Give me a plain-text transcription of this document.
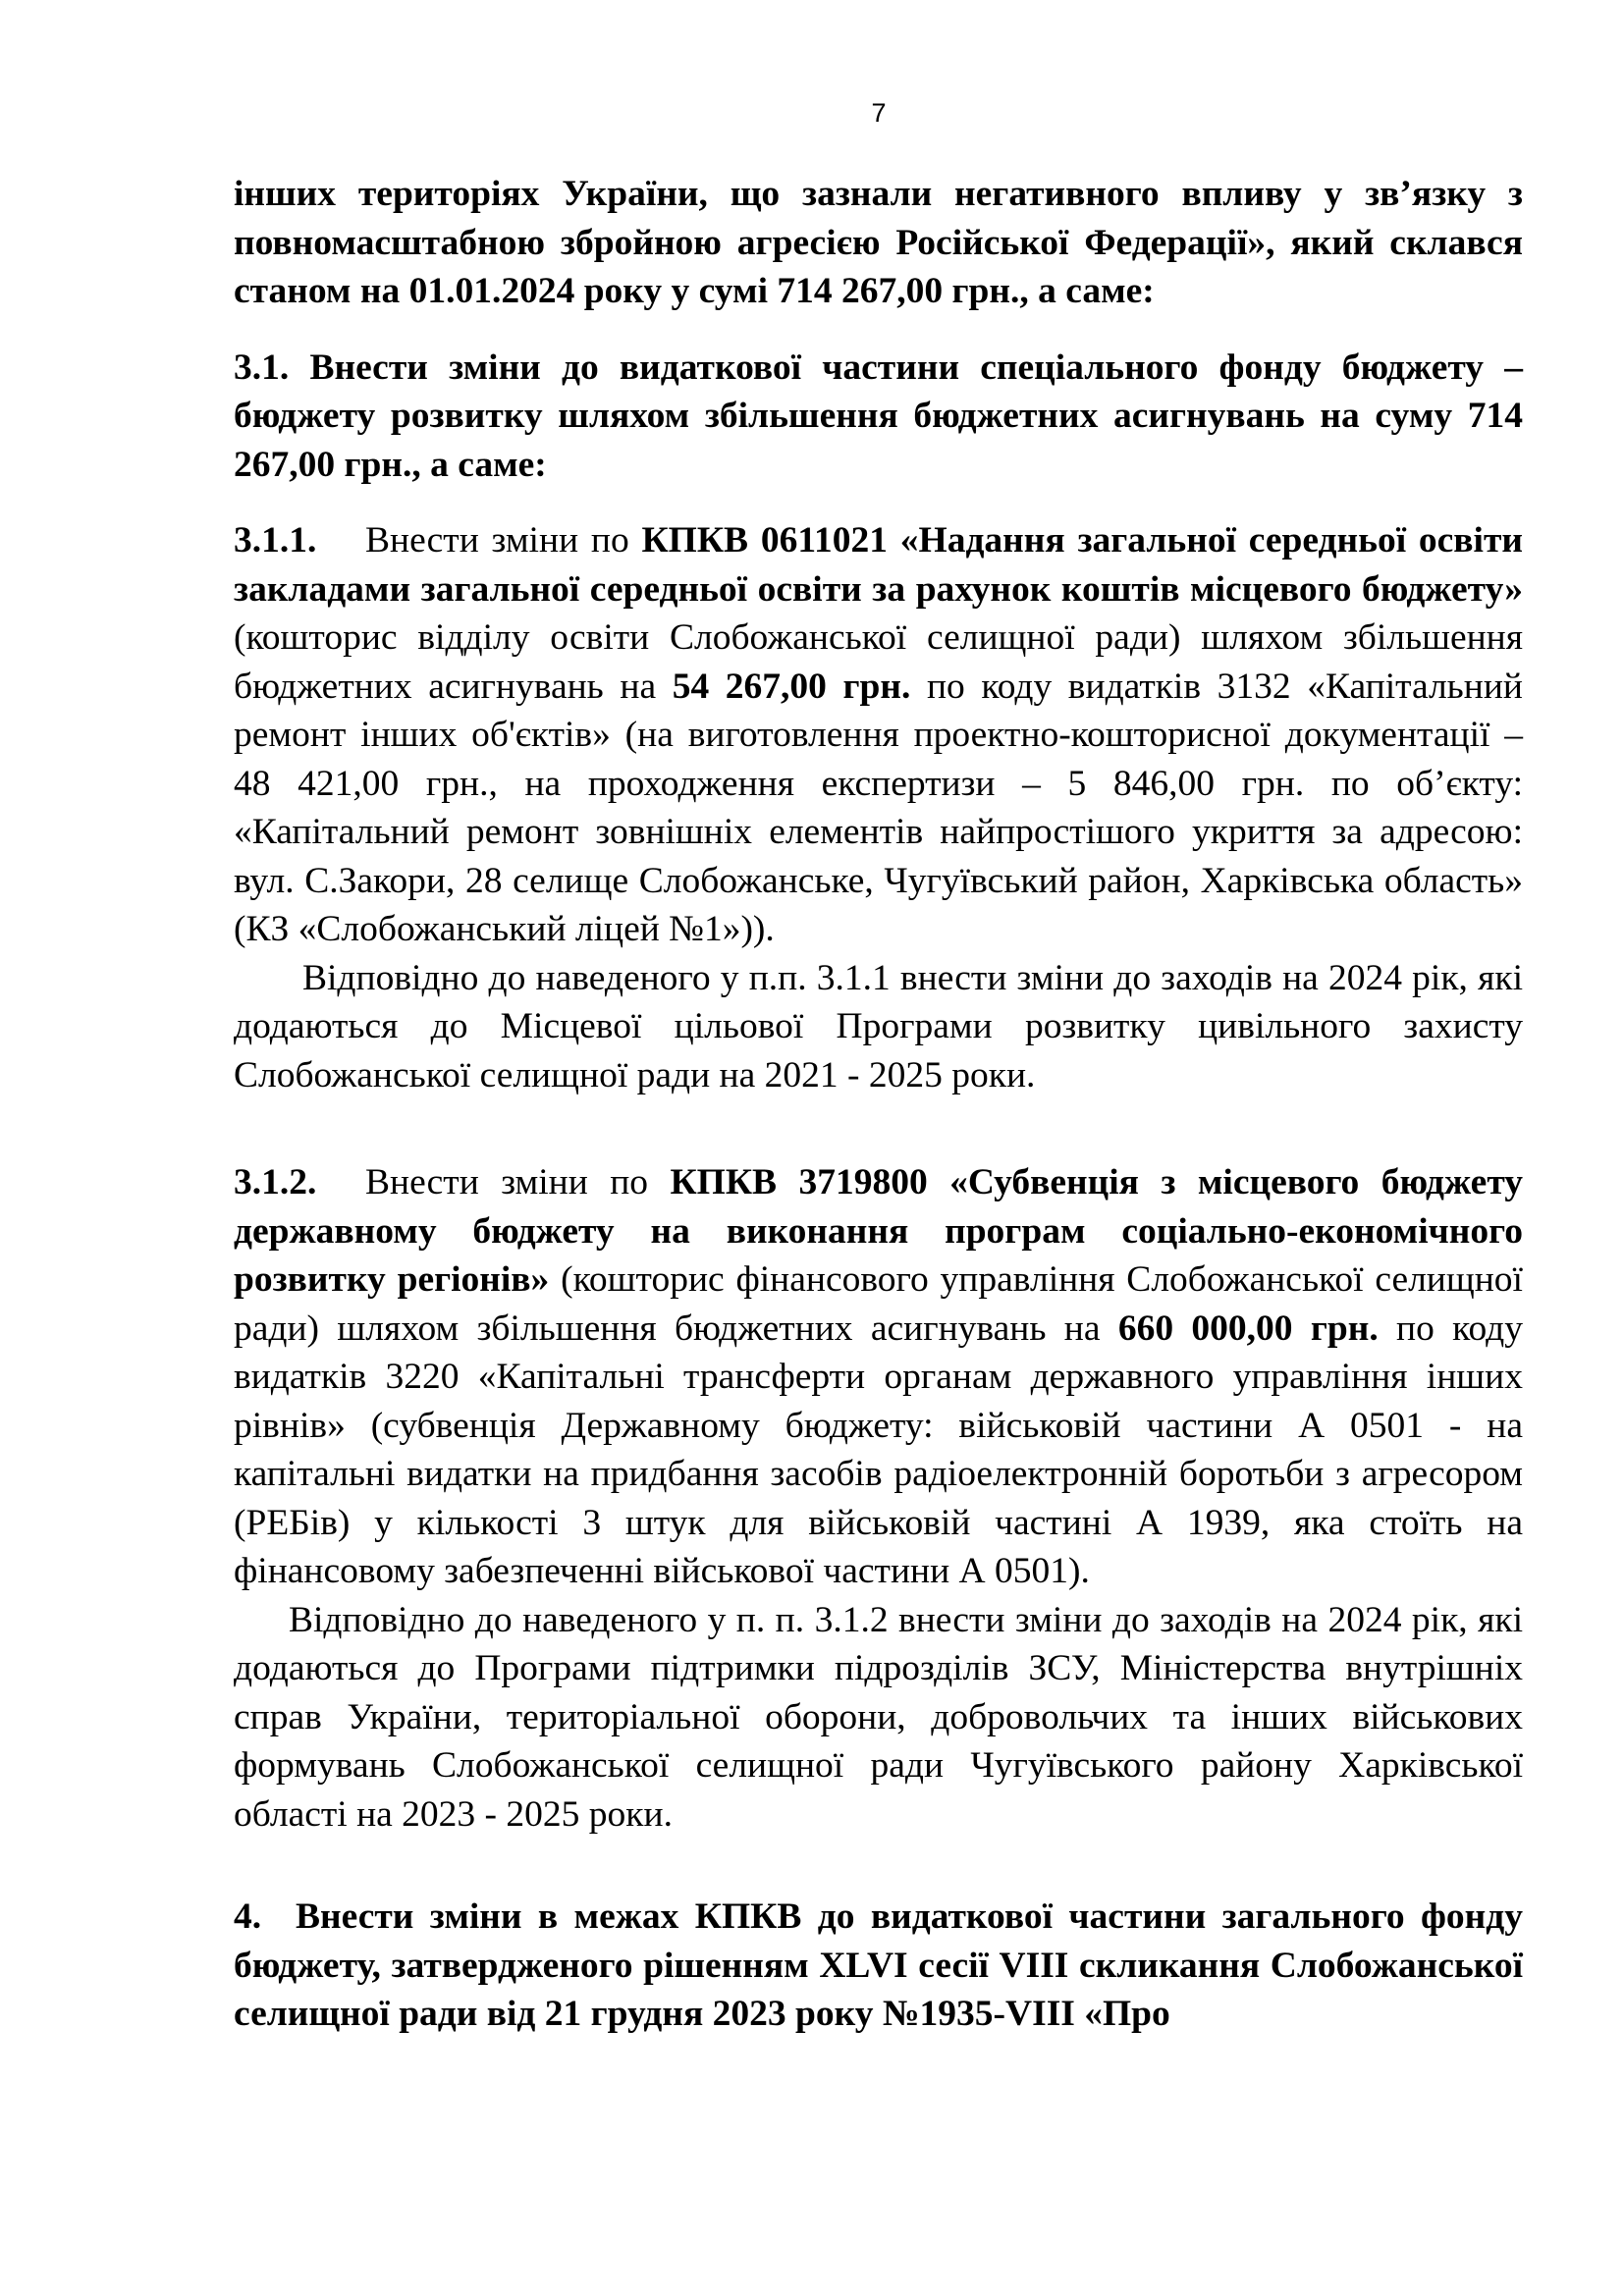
7

інших територіях України, що зазнали негативного впливу у зв’язку з повномасштабною збройною агресією Російської Федерації», який склався станом на 01.01.2024 року у сумі 714 267,00 грн., а саме:

3.1. Внести зміни до видаткової частини спеціального фонду бюджету – бюджету розвитку шляхом збільшення бюджетних асигнувань на суму 714 267,00 грн., а саме:

3.1.1. Внести зміни по КПКВ 0611021 «Надання загальної середньої освіти закладами загальної середньої освіти за рахунок коштів місцевого бюджету» (кошторис відділу освіти Слобожанської селищної ради) шляхом збільшення бюджетних асигнувань на 54 267,00 грн. по коду видатків 3132 «Капітальний ремонт інших об'єктів» (на виготовлення проектно-кошторисної документації – 48 421,00 грн., на проходження експертизи – 5 846,00 грн. по об’єкту: «Капітальний ремонт зовнішніх елементів найпростішого укриття за адресою: вул. С.Закори, 28 селище Слобожанське, Чугуївський район, Харківська область» (КЗ «Слобожанський ліцей №1»)).

Відповідно до наведеного у п.п. 3.1.1 внести зміни до заходів на 2024 рік, які додаються до Місцевої цільової Програми розвитку цивільного захисту Слобожанської селищної ради на 2021 - 2025 роки.

3.1.2. Внести зміни по КПКВ 3719800 «Субвенція з місцевого бюджету державному бюджету на виконання програм соціально-економічного розвитку регіонів» (кошторис фінансового управління Слобожанської селищної ради) шляхом збільшення бюджетних асигнувань на 660 000,00 грн. по коду видатків 3220 «Капітальні трансферти органам державного управління інших рівнів» (субвенція Державному бюджету: військовій частини А 0501 - на капітальні видатки на придбання засобів радіоелектронній боротьби з агресором (РЕБів) у кількості 3 штук для військовій частині А 1939, яка стоїть на фінансовому забезпеченні військової частини А 0501).

Відповідно до наведеного у п. п. 3.1.2 внести зміни до заходів на 2024 рік, які додаються до Програми підтримки підрозділів ЗСУ, Міністерства внутрішніх справ України, територіальної оборони, добровольчих та інших військових формувань Слобожанської селищної ради Чугуївського району Харківської області на 2023 - 2025 роки.

4. Внести зміни в межах КПКВ до видаткової частини загального фонду бюджету, затвердженого рішенням XLVI сесії VIII скликання Слобожанської селищної ради від 21 грудня 2023 року №1935-VIII «Про
